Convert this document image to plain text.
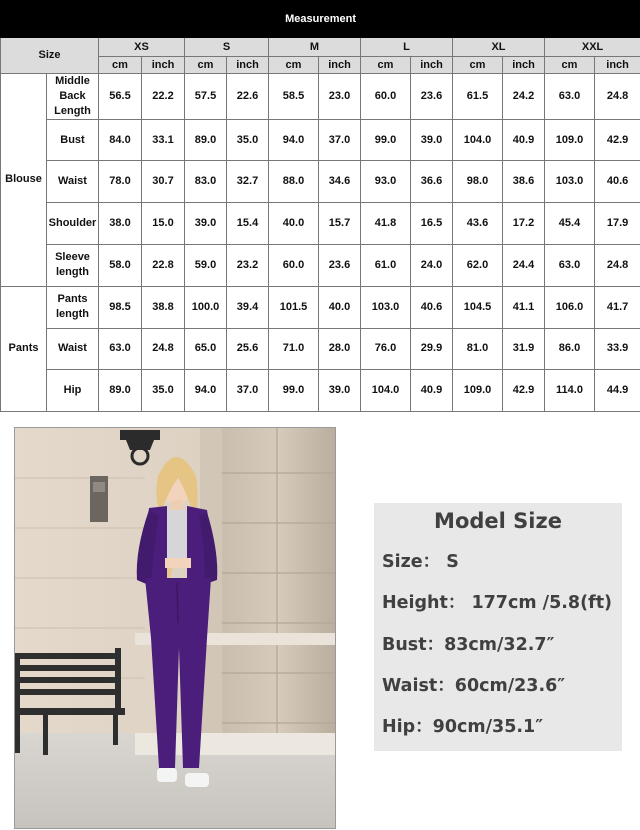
Measurement													
Size		XS		S		M		L		XL		XXL	
		cm	inch	cm	inch	cm	inch	cm	inch	cm	inch	cm	inch
Blouse	Middle Back Length	56.5	22.2	57.5	22.6	58.5	23.0	60.0	23.6	61.5	24.2	63.0	24.8
	Bust	84.0	33.1	89.0	35.0	94.0	37.0	99.0	39.0	104.0	40.9	109.0	42.9
	Waist	78.0	30.7	83.0	32.7	88.0	34.6	93.0	36.6	98.0	38.6	103.0	40.6
	Shoulder	38.0	15.0	39.0	15.4	40.0	15.7	41.8	16.5	43.6	17.2	45.4	17.9
	Sleeve length	58.0	22.8	59.0	23.2	60.0	23.6	61.0	24.0	62.0	24.4	63.0	24.8
Pants	Pants length	98.5	38.8	100.0	39.4	101.5	40.0	103.0	40.6	104.5	41.1	106.0	41.7
	Waist	63.0	24.8	65.0	25.6	71.0	28.0	76.0	29.9	81.0	31.9	86.0	33.9
	Hip	89.0	35.0	94.0	37.0	99.0	39.0	104.0	40.9	109.0	42.9	114.0	44.9
Model Size
Size： S
Height： 177cm /5.8(ft)
Bust：83cm/32.7″
Waist：60cm/23.6″
Hip：90cm/35.1″
